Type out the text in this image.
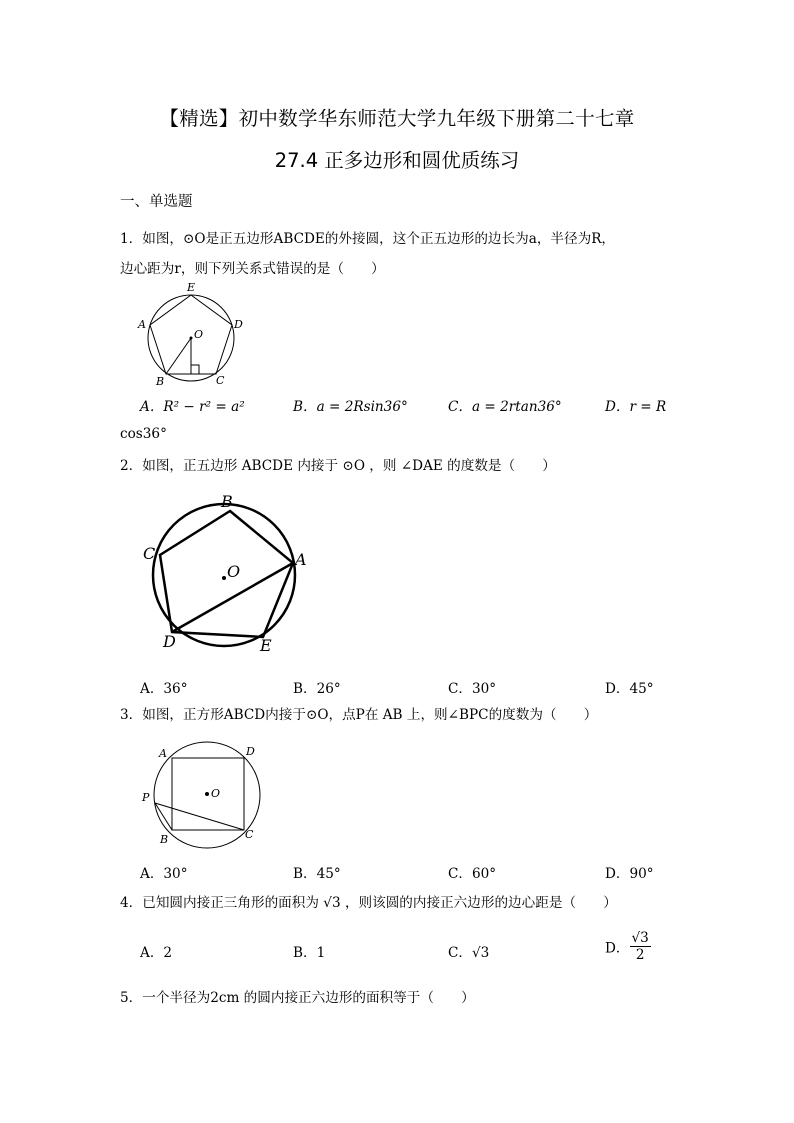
【精选】初中数学华东师范大学九年级下册第二十七章
27.4 正多边形和圆优质练习
一、单选题
1．如图，⊙O是正五边形ABCDE的外接圆，这个正五边形的边长为a，半径为R，
边心距为r，则下列关系式错误的是（　　）
E
A	D
O
B	C
A．R² − r² = a²	B．a = 2Rsin36°	C．a = 2rtan36°	D．r = R
cos36°
2．如图，正五边形 ABCDE 内接于 ⊙O ，则 ∠DAE 的度数是（　　）
B
C	A
O
D	E
A．36°	B．26°	C．30°	D．45°
3．如图，正方形ABCD内接于⊙O，点P在 AB 上，则∠BPC的度数为（　　）
A	D
P	O
B	C
A．30°	B．45°	C．60°	D．90°
4．已知圆内接正三角形的面积为 √3 ，则该圆的内接正六边形的边心距是（　　）
A．2	B．1	C．√3	D． $\frac{√3}{2}$
5．一个半径为2cm 的圆内接正六边形的面积等于（　　）
